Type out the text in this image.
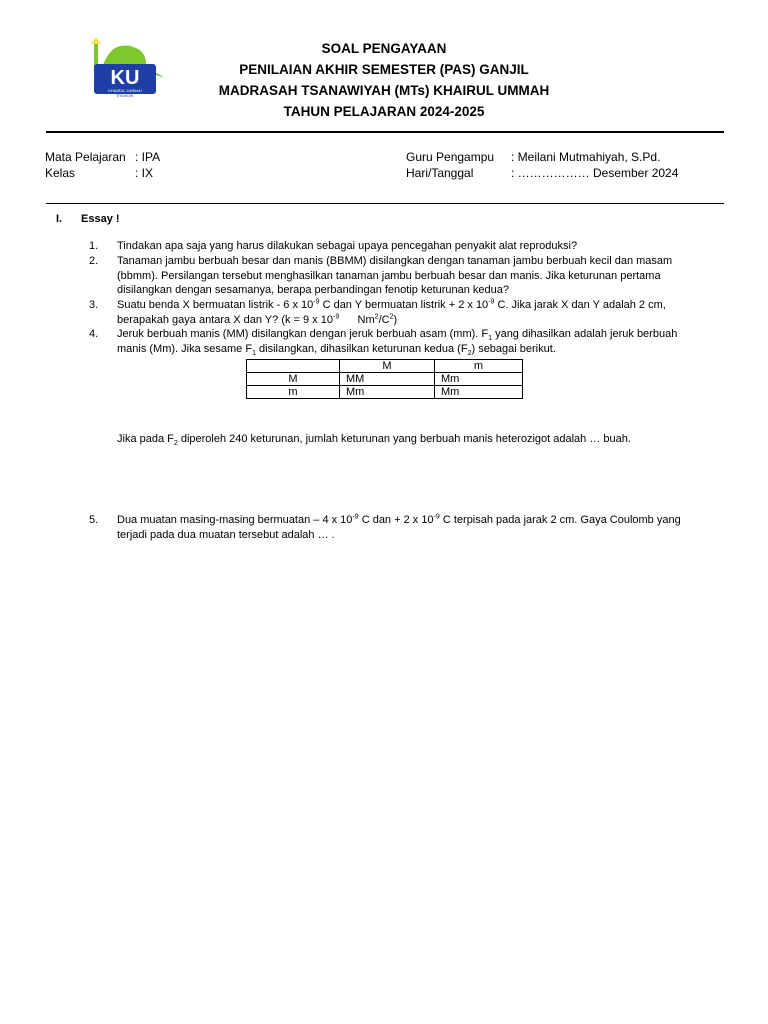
KU
KHAIRUL UMMAH
SYAHIDIN
SOAL PENGAYAAN
PENILAIAN AKHIR SEMESTER (PAS) GANJIL
MADRASAH TSANAWIYAH (MTs) KHAIRUL UMMAH
TAHUN PELAJARAN 2024-2025
Mata Pelajaran : IPA
Kelas	: IX
Guru Pengampu : Meilani Mutmahiyah, S.Pd.
Hari/Tanggal	: ……………… Desember 2024
I. Essay !
1. Tindakan apa saja yang harus dilakukan sebagai upaya pencegahan penyakit alat reproduksi?
2. Tanaman jambu berbuah besar dan manis (BBMM) disilangkan dengan tanaman jambu berbuah kecil dan masam (bbmm). Persilangan tersebut menghasilkan tanaman jambu berbuah besar dan manis. Jika keturunan pertama disilangkan dengan sesamanya, berapa perbandingan fenotip keturunan kedua?
3. Suatu benda X bermuatan listrik - 6 x $10^{-9}$ C dan Y bermuatan listrik + 2 x $10^{-9}$ C. Jika jarak X dan Y adalah 2 cm, berapakah gaya antara X dan Y? (k = 9 x $10^{-9}$      $Nm^2/C^2$)
4. Jeruk berbuah manis (MM) disilangkan dengan jeruk berbuah asam (mm). $F_1$ yang dihasilkan adalah jeruk berbuah manis (Mm). Jika sesame $F_1$ disilangkan, dihasilkan keturunan kedua $(F_2)$ sebagai berikut.
	M	m
M	MM	Mm
m	Mm	Mm
Jika pada $F_2$ diperoleh 240 keturunan, jumlah keturunan yang berbuah manis heterozigot adalah … buah.
5. Dua muatan masing-masing bermuatan – 4 x $10^{-9}$ C dan + 2 x $10^{-9}$ C terpisah pada jarak 2 cm. Gaya Coulomb yang terjadi pada dua muatan tersebut adalah … .
